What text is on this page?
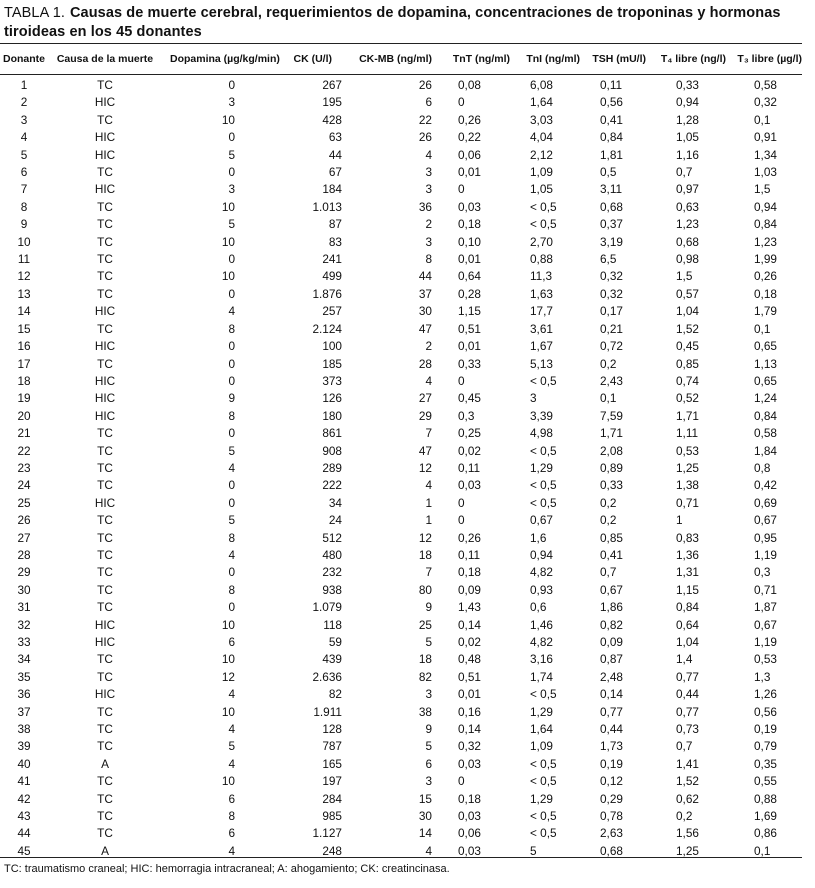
TABLA 1. Causas de muerte cerebral, requerimientos de dopamina, concentraciones de troponinas y hormonas tiroideas en los 45 donantes
Donante	Causa de la muerte	Dopamina (µg/kg/min)	CK (U/l)	CK-MB (ng/ml)	TnT (ng/ml)	TnI (ng/ml)	TSH (mU/l)	T₄ libre (ng/l)	T₃ libre (µg/l)
1	TC	0	267	26	0,08	6,08	0,11	0,33	0,58
2	HIC	3	195	6	0	1,64	0,56	0,94	0,32
3	TC	10	428	22	0,26	3,03	0,41	1,28	0,1
4	HIC	0	63	26	0,22	4,04	0,84	1,05	0,91
5	HIC	5	44	4	0,06	2,12	1,81	1,16	1,34
6	TC	0	67	3	0,01	1,09	0,5	0,7	1,03
7	HIC	3	184	3	0	1,05	3,11	0,97	1,5
8	TC	10	1.013	36	0,03	< 0,5	0,68	0,63	0,94
9	TC	5	87	2	0,18	< 0,5	0,37	1,23	0,84
10	TC	10	83	3	0,10	2,70	3,19	0,68	1,23
11	TC	0	241	8	0,01	0,88	6,5	0,98	1,99
12	TC	10	499	44	0,64	11,3	0,32	1,5	0,26
13	TC	0	1.876	37	0,28	1,63	0,32	0,57	0,18
14	HIC	4	257	30	1,15	17,7	0,17	1,04	1,79
15	TC	8	2.124	47	0,51	3,61	0,21	1,52	0,1
16	HIC	0	100	2	0,01	1,67	0,72	0,45	0,65
17	TC	0	185	28	0,33	5,13	0,2	0,85	1,13
18	HIC	0	373	4	0	< 0,5	2,43	0,74	0,65
19	HIC	9	126	27	0,45	3	0,1	0,52	1,24
20	HIC	8	180	29	0,3	3,39	7,59	1,71	0,84
21	TC	0	861	7	0,25	4,98	1,71	1,11	0,58
22	TC	5	908	47	0,02	< 0,5	2,08	0,53	1,84
23	TC	4	289	12	0,11	1,29	0,89	1,25	0,8
24	TC	0	222	4	0,03	< 0,5	0,33	1,38	0,42
25	HIC	0	34	1	0	< 0,5	0,2	0,71	0,69
26	TC	5	24	1	0	0,67	0,2	1	0,67
27	TC	8	512	12	0,26	1,6	0,85	0,83	0,95
28	TC	4	480	18	0,11	0,94	0,41	1,36	1,19
29	TC	0	232	7	0,18	4,82	0,7	1,31	0,3
30	TC	8	938	80	0,09	0,93	0,67	1,15	0,71
31	TC	0	1.079	9	1,43	0,6	1,86	0,84	1,87
32	HIC	10	118	25	0,14	1,46	0,82	0,64	0,67
33	HIC	6	59	5	0,02	4,82	0,09	1,04	1,19
34	TC	10	439	18	0,48	3,16	0,87	1,4	0,53
35	TC	12	2.636	82	0,51	1,74	2,48	0,77	1,3
36	HIC	4	82	3	0,01	< 0,5	0,14	0,44	1,26
37	TC	10	1.911	38	0,16	1,29	0,77	0,77	0,56
38	TC	4	128	9	0,14	1,64	0,44	0,73	0,19
39	TC	5	787	5	0,32	1,09	1,73	0,7	0,79
40	A	4	165	6	0,03	< 0,5	0,19	1,41	0,35
41	TC	10	197	3	0	< 0,5	0,12	1,52	0,55
42	TC	6	284	15	0,18	1,29	0,29	0,62	0,88
43	TC	8	985	30	0,03	< 0,5	0,78	0,2	1,69
44	TC	6	1.127	14	0,06	< 0,5	2,63	1,56	0,86
45	A	4	248	4	0,03	5	0,68	1,25	0,1
TC: traumatismo craneal; HIC: hemorragia intracraneal; A: ahogamiento; CK: creatincinasa.
